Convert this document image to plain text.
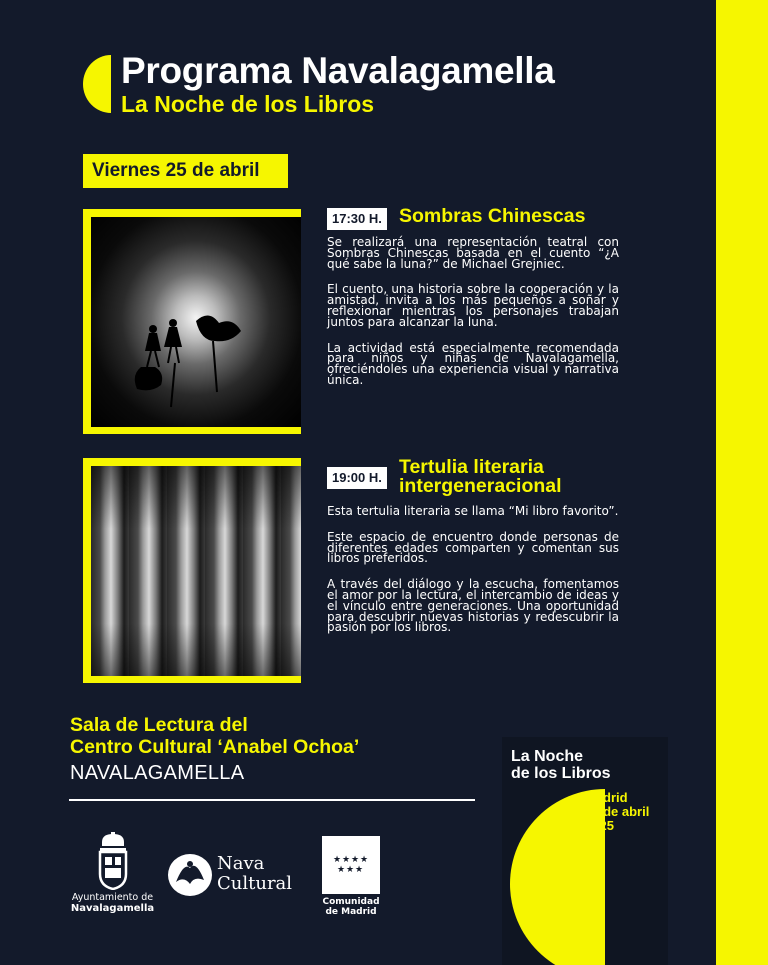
Programa Navalagamella
La Noche de los Libros
Viernes 25 de abril
17:30 H. Sombras Chinescas

Se realizará una representación teatral con Sombras Chinescas basada en el cuento “¿A qué sabe la luna?” de Michael Grejniec.

El cuento, una historia sobre la cooperación y la amistad, invita a los más pequeños a soñar y reflexionar mientras los personajes trabajan juntos para alcanzar la luna.

La actividad está especialmente recomendada para niños y niñas de Navalagamella, ofreciéndoles una experiencia visual y narrativa única.

19:00 H. Tertulia literaria intergeneracional

Esta tertulia literaria se llama “Mi libro favorito”.

Este espacio de encuentro donde personas de diferentes edades comparten y comentan sus libros preferidos.

A través del diálogo y la escucha, fomentamos el amor por la lectura, el intercambio de ideas y el vínculo entre generaciones. Una oportunidad para descubrir nuevas historias y redescubrir la pasión por los libros.

Sala de Lectura del
Centro Cultural ‘Anabel Ochoa’
NAVALAGAMELLA
Ayuntamiento de
Navalagamella
Nava
Cultural
★ ★ ★ ★
★ ★ ★
Comunidad
de Madrid
La Noche
de los Libros
Madrid
25 de abril
2025
